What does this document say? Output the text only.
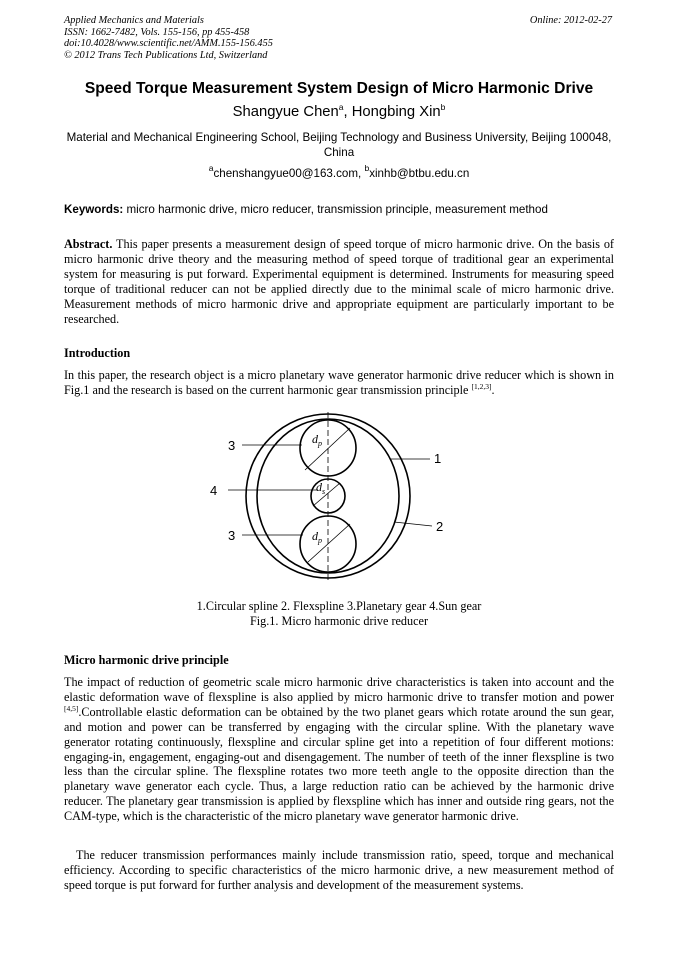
Applied Mechanics and Materials
ISSN: 1662-7482, Vols. 155-156, pp 455-458
doi:10.4028/www.scientific.net/AMM.155-156.455
© 2012 Trans Tech Publications Ltd, Switzerland
Online: 2012-02-27
Speed Torque Measurement System Design of Micro Harmonic Drive
Shangyue Chen$^a$, Hongbing Xin$^b$
Material and Mechanical Engineering School, Beijing Technology and Business University, Beijing 100048, China
$^a$chenshangyue00@163.com, $^b$xinhb@btbu.edu.cn
Keywords: micro harmonic drive, micro reducer, transmission principle, measurement method
Abstract. This paper presents a measurement design of speed torque of micro harmonic drive. On the basis of micro harmonic drive theory and the measuring method of speed torque of traditional gear an experimental system for measuring is put forward. Experimental equipment is determined. Instruments for measuring speed torque of traditional reducer can not be applied directly due to the minimal scale of micro harmonic drive. Measurement methods of micro harmonic drive and appropriate equipment are particularly important to be researched.
Introduction
In this paper, the research object is a micro planetary wave generator harmonic drive reducer which is shown in Fig.1 and the research is based on the current harmonic gear transmission principle [1,2,3].
3
1
4
2
3
$d_p$
$d_s$
$d_p$
1.Circular spline 2. Flexspline 3.Planetary gear 4.Sun gear
Fig.1. Micro harmonic drive reducer
Micro harmonic drive principle
The impact of reduction of geometric scale micro harmonic drive characteristics is taken into account and the elastic deformation wave of flexspline is also applied by micro harmonic drive to transfer motion and power [4,5].Controllable elastic deformation can be obtained by the two planet gears which rotate around the sun gear, and motion and power can be transferred by engaging with the circular spline. With the planetary wave generator rotating continuously, flexspline and circular spline get into a repetition of four different motions: engaging-in, engagement, engaging-out and disengagement. The number of teeth of the inner flexspline is two less than the circular spline. The flexspline rotates two more teeth angle to the opposite direction than the planetary wave generator each cycle. Thus, a large reduction ratio can be achieved by the harmonic drive reducer. The planetary gear transmission is applied by flexspline which has inner and outside ring gears, not the CAM-type, which is the characteristic of the micro planetary wave generator harmonic drive.
The reducer transmission performances mainly include transmission ratio, speed, torque and mechanical efficiency. According to specific characteristics of the micro harmonic drive, a new measurement method of speed torque is put forward for further analysis and development of the measurement systems.
